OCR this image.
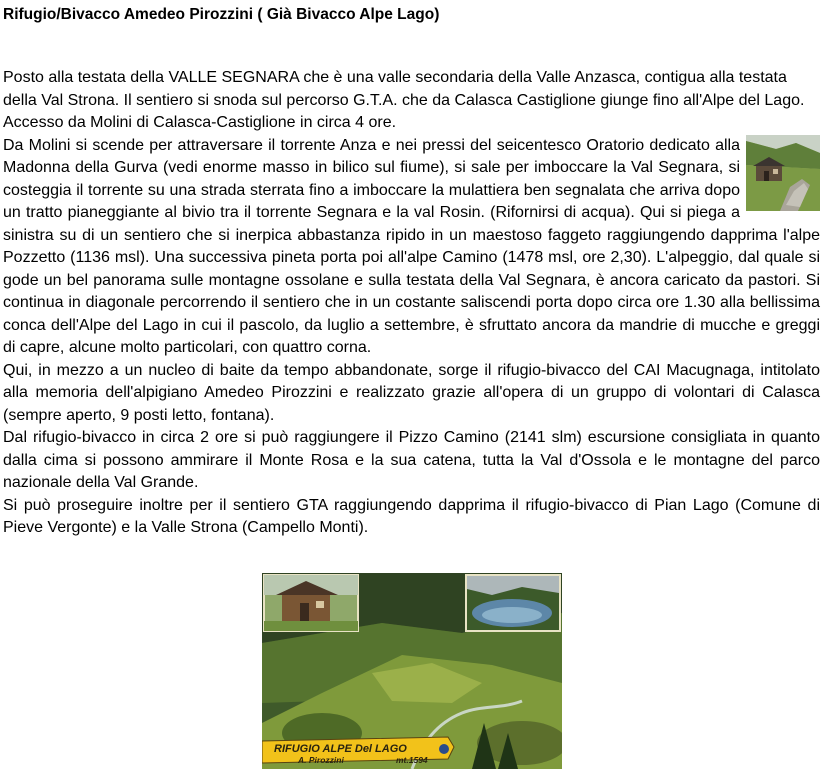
Rifugio/Bivacco Amedeo Pirozzini ( Già Bivacco Alpe Lago)

Posto alla testata della VALLE SEGNARA che è una valle secondaria della Valle Anzasca, contigua alla testata della Val Strona. Il sentiero si snoda sul percorso G.T.A. che da Calasca Castiglione giunge fino all'Alpe del Lago.

Accesso da Molini di Calasca-Castiglione in circa 4 ore.

Da Molini si scende per attraversare il torrente Anza e nei pressi del seicentesco Oratorio dedicato alla Madonna della Gurva (vedi enorme masso in bilico sul fiume), si sale per imboccare la Val Segnara, si costeggia il torrente su una strada sterrata fino a imboccare la mulattiera ben segnalata che arriva dopo un tratto pianeggiante al bivio tra il torrente Segnara e la val Rosin. (Rifornirsi di acqua). Qui si piega a sinistra su di un sentiero che si inerpica abbastanza ripido in un maestoso faggeto raggiungendo dapprima l'alpe Pozzetto (1136 msl). Una successiva pineta porta poi all'alpe Camino (1478 msl, ore 2,30). L'alpeggio, dal quale si gode un bel panorama sulle montagne ossolane e sulla testata della Val Segnara, è ancora caricato da pastori. Si continua in diagonale percorrendo il sentiero che in un costante saliscendi porta dopo circa ore 1.30 alla bellissima conca dell'Alpe del Lago in cui il pascolo, da luglio a settembre, è sfruttato ancora da mandrie di mucche e greggi di capre, alcune molto particolari, con quattro corna.

Qui, in mezzo a un nucleo di baite da tempo abbandonate, sorge il rifugio-bivacco del CAI Macugnaga, intitolato alla memoria dell'alpigiano Amedeo Pirozzini e realizzato grazie all'opera di un gruppo di volontari di Calasca (sempre aperto, 9 posti letto, fontana).

Dal rifugio-bivacco in circa 2 ore si può raggiungere il Pizzo Camino (2141 slm) escursione consigliata in quanto dalla cima si possono ammirare il Monte Rosa e la sua catena, tutta la Val d'Ossola e le montagne del parco nazionale della Val Grande.

Si può proseguire inoltre per il sentiero GTA raggiungendo dapprima il rifugio-bivacco di Pian Lago (Comune di Pieve Vergonte) e la Valle Strona (Campello Monti).

RIFUGIO ALPE Del LAGO
A. Pirozzini	mt.1594
